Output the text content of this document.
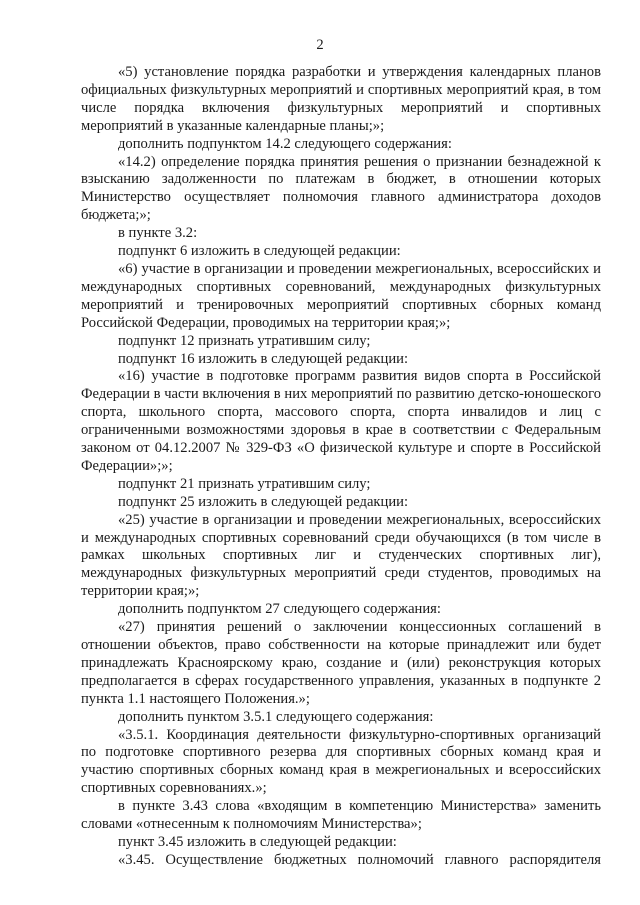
2

«5) установление порядка разработки и утверждения календарных планов официальных физкультурных мероприятий и спортивных мероприятий края, в том числе порядка включения физкультурных мероприятий и спортивных мероприятий в указанные календарные планы;»;

дополнить подпунктом 14.2 следующего содержания:

«14.2) определение порядка принятия решения о признании безнадежной к взысканию задолженности по платежам в бюджет, в отношении которых Министерство осуществляет полномочия главного администратора доходов бюджета;»;

в пункте 3.2:

подпункт 6 изложить в следующей редакции:

«6) участие в организации и проведении межрегиональных, всероссийских и международных спортивных соревнований, международных физкультурных мероприятий и тренировочных мероприятий спортивных сборных команд Российской Федерации, проводимых на территории края;»;

подпункт 12 признать утратившим силу;

подпункт 16 изложить в следующей редакции:

«16) участие в подготовке программ развития видов спорта в Российской Федерации в части включения в них мероприятий по развитию детско-юношеского спорта, школьного спорта, массового спорта, спорта инвалидов и лиц с ограниченными возможностями здоровья в крае в соответствии с Федеральным законом от 04.12.2007 № 329-ФЗ «О физической культуре и спорте в Российской Федерации»;»;

подпункт 21 признать утратившим силу;

подпункт 25 изложить в следующей редакции:

«25) участие в организации и проведении межрегиональных, всероссийских и международных спортивных соревнований среди обучающихся (в том числе в рамках школьных спортивных лиг и студенческих спортивных лиг), международных физкультурных мероприятий среди студентов, проводимых на территории края;»;

дополнить подпунктом 27 следующего содержания:

«27) принятия решений о заключении концессионных соглашений в отношении объектов, право собственности на которые принадлежит или будет принадлежать Красноярскому краю, создание и (или) реконструкция которых предполагается в сферах государственного управления, указанных в подпункте 2 пункта 1.1 настоящего Положения.»;

дополнить пунктом 3.5.1 следующего содержания:

«3.5.1. Координация деятельности физкультурно-спортивных организаций по подготовке спортивного резерва для спортивных сборных команд края и участию спортивных сборных команд края в межрегиональных и всероссийских спортивных соревнованиях.»;

в пункте 3.43 слова «входящим в компетенцию Министерства» заменить словами «отнесенным к полномочиям Министерства»;

пункт 3.45 изложить в следующей редакции:

«3.45. Осуществление бюджетных полномочий главного распорядителя
